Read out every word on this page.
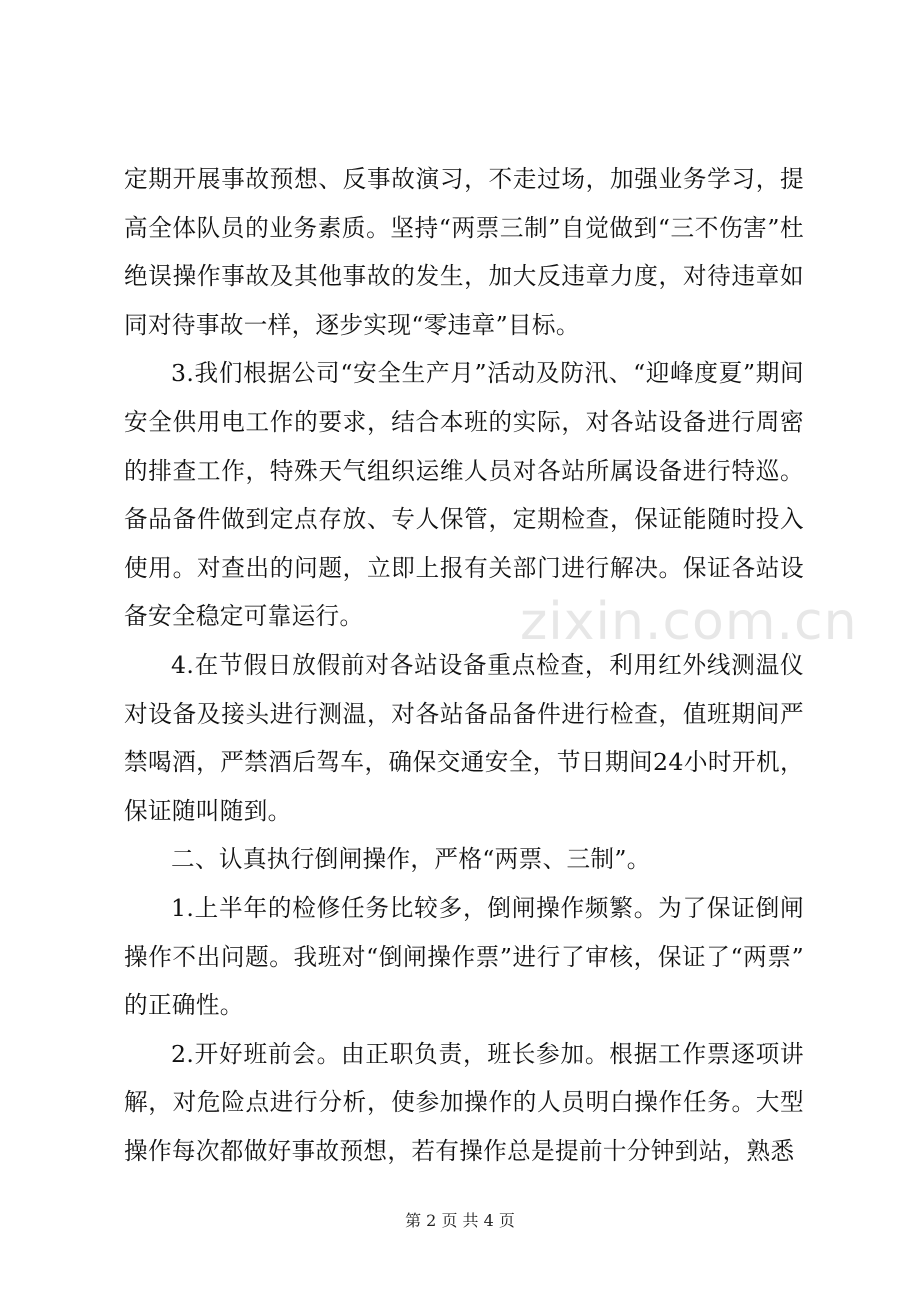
定期开展事故预想、反事故演习，不走过场，加强业务学习，提高全体队员的业务素质。坚持“两票三制”自觉做到“三不伤害”杜绝误操作事故及其他事故的发生，加大反违章力度，对待违章如同对待事故一样，逐步实现“零违章”目标。

3.我们根据公司“安全生产月”活动及防汛、“迎峰度夏”期间安全供用电工作的要求，结合本班的实际，对各站设备进行周密的排查工作，特殊天气组织运维人员对各站所属设备进行特巡。备品备件做到定点存放、专人保管，定期检查，保证能随时投入使用。对查出的问题，立即上报有关部门进行解决。保证各站设备安全稳定可靠运行。

4.在节假日放假前对各站设备重点检查，利用红外线测温仪对设备及接头进行测温，对各站备品备件进行检查，值班期间严禁喝酒，严禁酒后驾车，确保交通安全，节日期间24小时开机，保证随叫随到。

二、认真执行倒闸操作，严格“两票、三制”。

1.上半年的检修任务比较多，倒闸操作频繁。为了保证倒闸操作不出问题。我班对“倒闸操作票”进行了审核，保证了“两票”的正确性。

2.开好班前会。由正职负责，班长参加。根据工作票逐项讲解，对危险点进行分析，使参加操作的人员明白操作任务。大型操作每次都做好事故预想，若有操作总是提前十分钟到站，熟悉

zixin.com.cn
第 2 页 共 4 页
